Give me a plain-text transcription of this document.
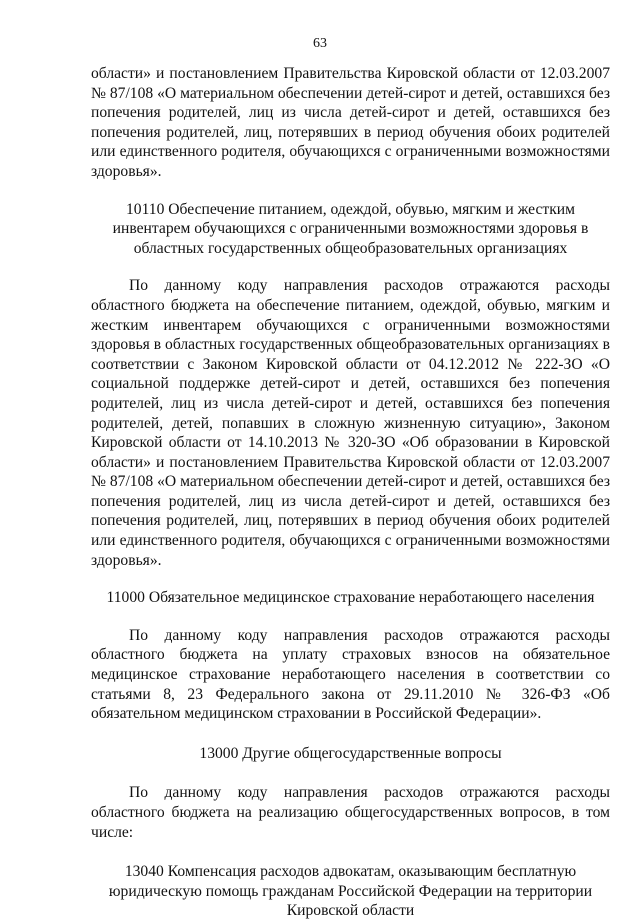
63

области» и постановлением Правительства Кировской области от 12.03.2007 № 87/108 «О материальном обеспечении детей-сирот и детей, оставшихся без попечения родителей, лиц из числа детей-сирот и детей, оставшихся без попечения родителей, лиц, потерявших в период обучения обоих родителей или единственного родителя, обучающихся с ограниченными возможностями здоровья».

10110 Обеспечение питанием, одеждой, обувью, мягким и жестким инвентарем обучающихся с ограниченными возможностями здоровья в областных государственных общеобразовательных организациях

По данному коду направления расходов отражаются расходы областного бюджета на обеспечение питанием, одеждой, обувью, мягким и жестким инвентарем обучающихся с ограниченными возможностями здоровья в областных государственных общеобразовательных организациях в соответствии с Законом Кировской области от 04.12.2012 № 222-ЗО «О социальной поддержке детей-сирот и детей, оставшихся без попечения родителей, лиц из числа детей-сирот и детей, оставшихся без попечения родителей, детей, попавших в сложную жизненную ситуацию», Законом Кировской области от 14.10.2013 № 320-ЗО «Об образовании в Кировской области» и постановлением Правительства Кировской области от 12.03.2007 № 87/108 «О материальном обеспечении детей-сирот и детей, оставшихся без попечения родителей, лиц из числа детей-сирот и детей, оставшихся без попечения родителей, лиц, потерявших в период обучения обоих родителей или единственного родителя, обучающихся с ограниченными возможностями здоровья».

11000 Обязательное медицинское страхование неработающего населения

По данному коду направления расходов отражаются расходы областного бюджета на уплату страховых взносов на обязательное медицинское страхование неработающего населения в соответствии со статьями 8, 23 Федерального закона от 29.11.2010 № 326-ФЗ «Об обязательном медицинском страховании в Российской Федерации».

13000 Другие общегосударственные вопросы

По данному коду направления расходов отражаются расходы областного бюджета на реализацию общегосударственных вопросов, в том числе:

13040 Компенсация расходов адвокатам, оказывающим бесплатную юридическую помощь гражданам Российской Федерации на территории Кировской области
